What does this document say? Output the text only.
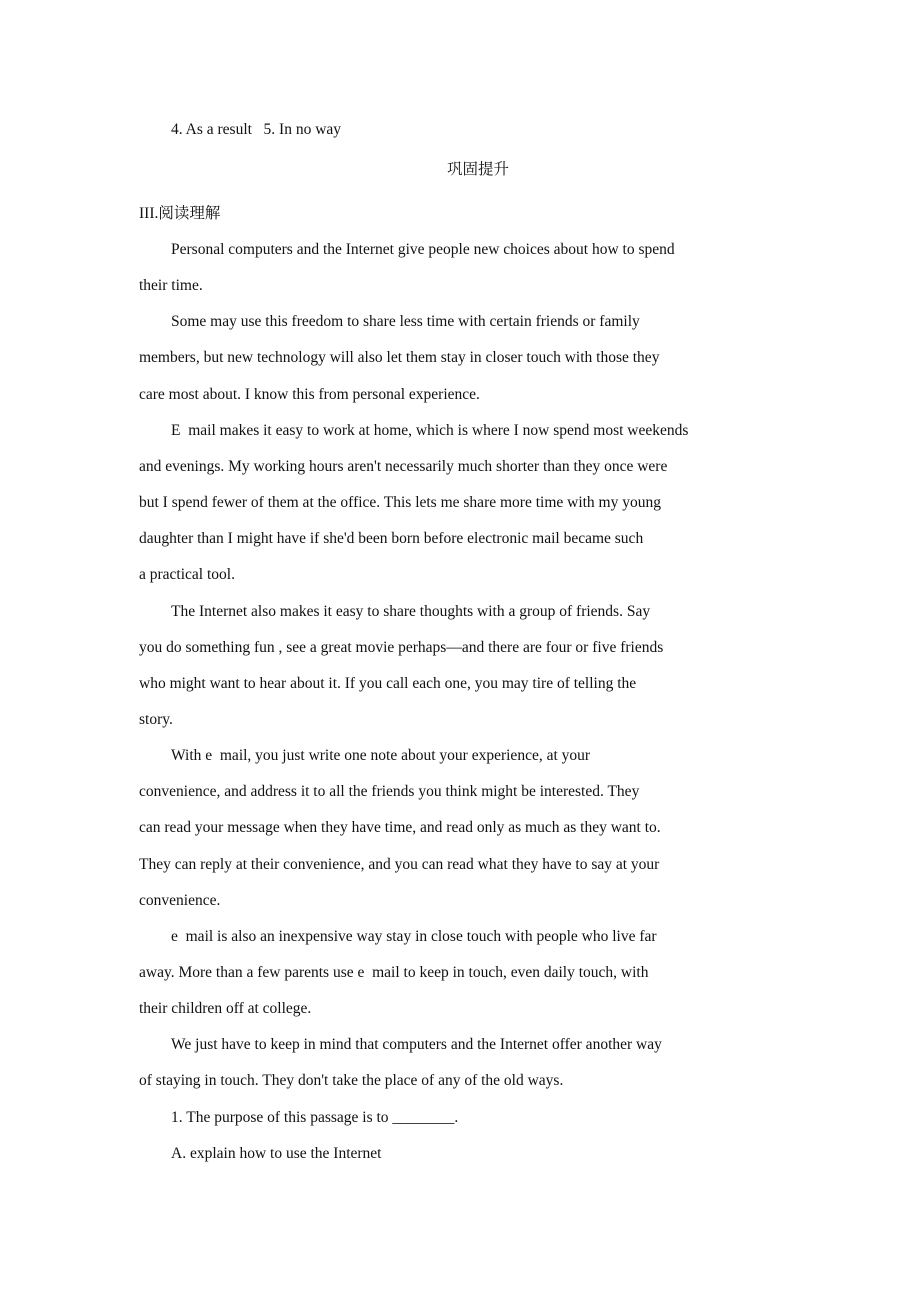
4. As a result   5. In no way
巩固提升
III.阅读理解
Personal computers and the Internet give people new choices about how to spend
their time.
Some may use this freedom to share less time with certain friends or family
members, but new technology will also let them stay in closer touch with those they
care most about. I know this from personal experience.
E  mail makes it easy to work at home, which is where I now spend most weekends
and evenings. My working hours aren't necessarily much shorter than they once were
but I spend fewer of them at the office. This lets me share more time with my young
daughter than I might have if she'd been born before electronic mail became such
a practical tool.
The Internet also makes it easy to share thoughts with a group of friends. Say
you do something fun , see a great movie perhaps—and there are four or five friends
who might want to hear about it. If you call each one, you may tire of telling the
story.
With e  mail, you just write one note about your experience, at your
convenience, and address it to all the friends you think might be interested. They
can read your message when they have time, and read only as much as they want to.
They can reply at their convenience, and you can read what they have to say at your
convenience.
e  mail is also an inexpensive way stay in close touch with people who live far
away. More than a few parents use e  mail to keep in touch, even daily touch, with
their children off at college.
We just have to keep in mind that computers and the Internet offer another way
of staying in touch. They don't take the place of any of the old ways.
1. The purpose of this passage is to ________.
A. explain how to use the Internet
